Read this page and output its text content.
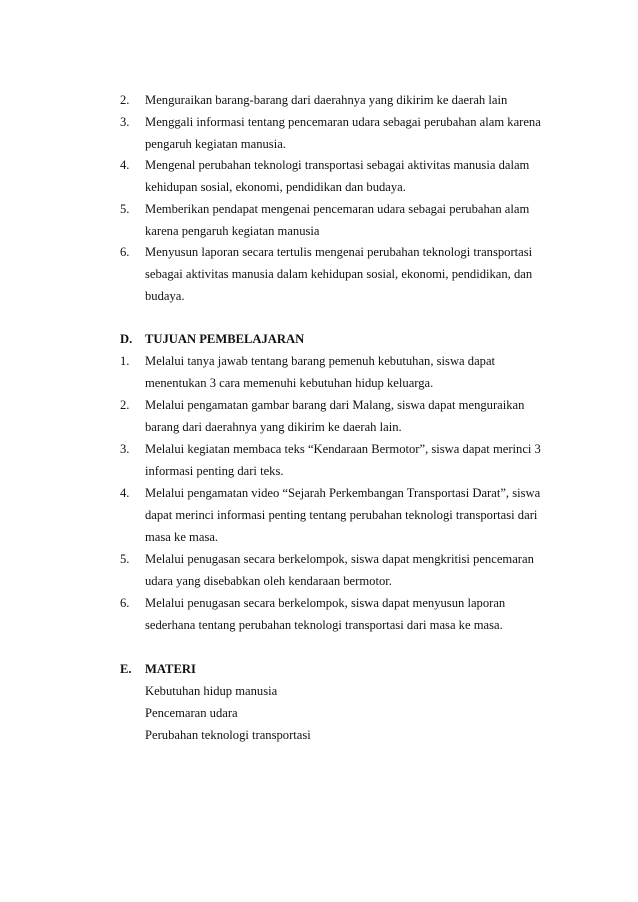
2. Menguraikan barang-barang dari daerahnya yang dikirim ke daerah lain
3. Menggali informasi tentang pencemaran udara sebagai perubahan alam karena
pengaruh kegiatan manusia.
4. Mengenal perubahan teknologi transportasi sebagai aktivitas manusia dalam
kehidupan sosial, ekonomi, pendidikan dan budaya.
5. Memberikan pendapat mengenai pencemaran udara sebagai perubahan alam
karena pengaruh kegiatan manusia
6. Menyusun laporan secara tertulis mengenai perubahan teknologi transportasi
sebagai aktivitas manusia dalam kehidupan sosial, ekonomi, pendidikan, dan
budaya.
D. TUJUAN PEMBELAJARAN
1. Melalui tanya jawab tentang barang pemenuh kebutuhan, siswa dapat
menentukan 3 cara memenuhi kebutuhan hidup keluarga.
2. Melalui pengamatan gambar barang dari Malang, siswa dapat menguraikan
barang dari daerahnya yang dikirim ke daerah lain.
3. Melalui kegiatan membaca teks “Kendaraan Bermotor”, siswa dapat merinci 3
informasi penting dari teks.
4. Melalui pengamatan video “Sejarah Perkembangan Transportasi Darat”, siswa
dapat merinci informasi penting tentang perubahan teknologi transportasi dari
masa ke masa.
5. Melalui penugasan secara berkelompok, siswa dapat mengkritisi pencemaran
udara yang disebabkan oleh kendaraan bermotor.
6. Melalui penugasan secara berkelompok, siswa dapat menyusun laporan
sederhana tentang perubahan teknologi transportasi dari masa ke masa.
E. MATERI
Kebutuhan hidup manusia
Pencemaran udara
Perubahan teknologi transportasi
